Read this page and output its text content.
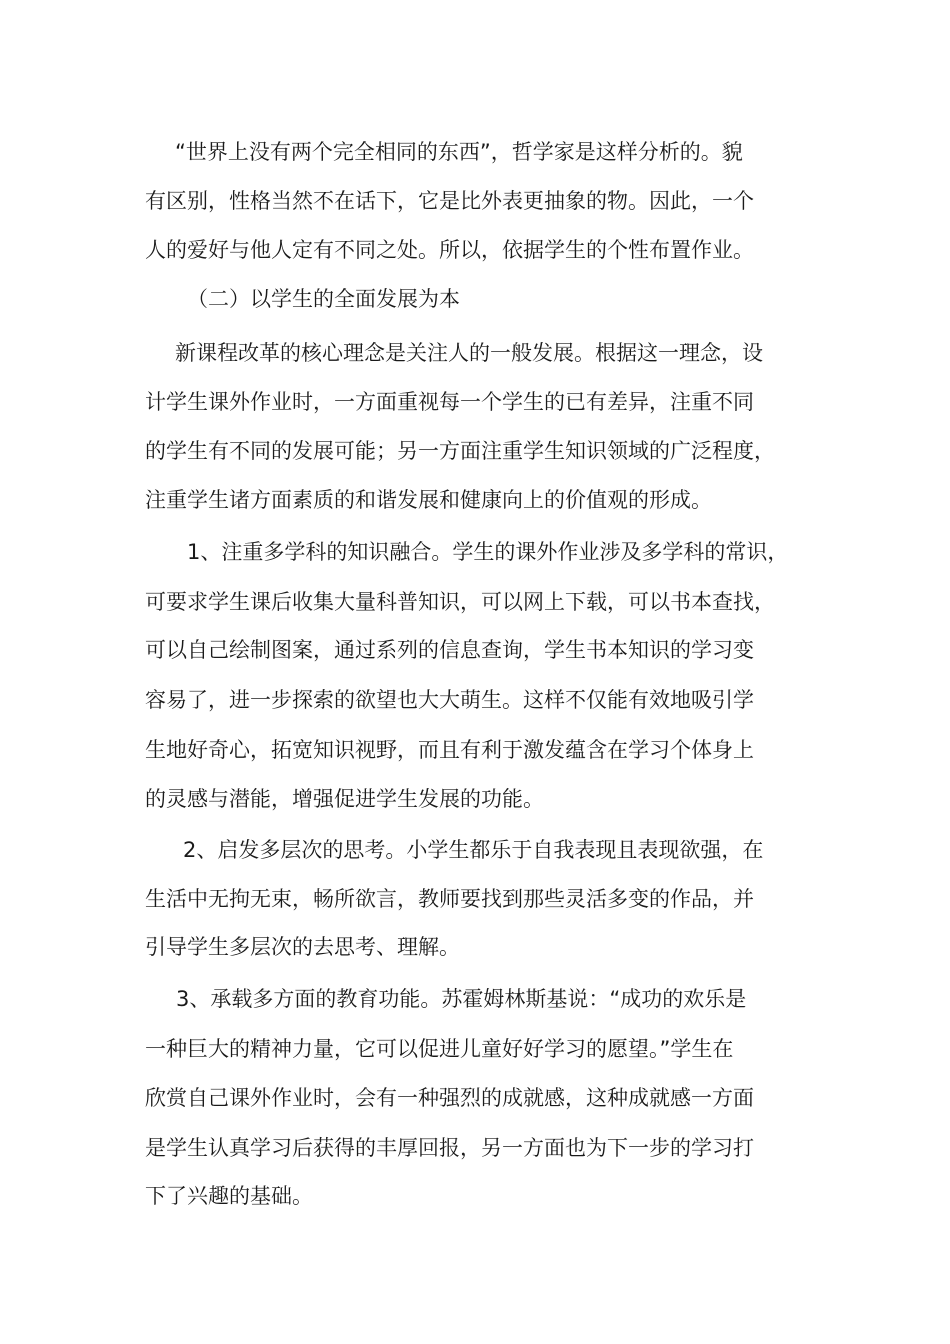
“世界上没有两个完全相同的东西”，哲学家是这样分析的。貌
有区别，性格当然不在话下，它是比外表更抽象的物。因此，一个
人的爱好与他人定有不同之处。所以，依据学生的个性布置作业。
（二）以学生的全面发展为本
新课程改革的核心理念是关注人的一般发展。根据这一理念，设
计学生课外作业时，一方面重视每一个学生的已有差异，注重不同
的学生有不同的发展可能；另一方面注重学生知识领域的广泛程度，
注重学生诸方面素质的和谐发展和健康向上的价值观的形成。
1、注重多学科的知识融合。学生的课外作业涉及多学科的常识，
可要求学生课后收集大量科普知识，可以网上下载，可以书本查找，
可以自己绘制图案，通过系列的信息查询，学生书本知识的学习变
容易了，进一步探索的欲望也大大萌生。这样不仅能有效地吸引学
生地好奇心，拓宽知识视野，而且有利于激发蕴含在学习个体身上
的灵感与潜能，增强促进学生发展的功能。
2、启发多层次的思考。小学生都乐于自我表现且表现欲强，在
生活中无拘无束，畅所欲言，教师要找到那些灵活多变的作品，并
引导学生多层次的去思考、理解。
3、承载多方面的教育功能。苏霍姆林斯基说：“成功的欢乐是
一种巨大的精神力量，它可以促进儿童好好学习的愿望。”学生在
欣赏自己课外作业时，会有一种强烈的成就感，这种成就感一方面
是学生认真学习后获得的丰厚回报，另一方面也为下一步的学习打
下了兴趣的基础。
